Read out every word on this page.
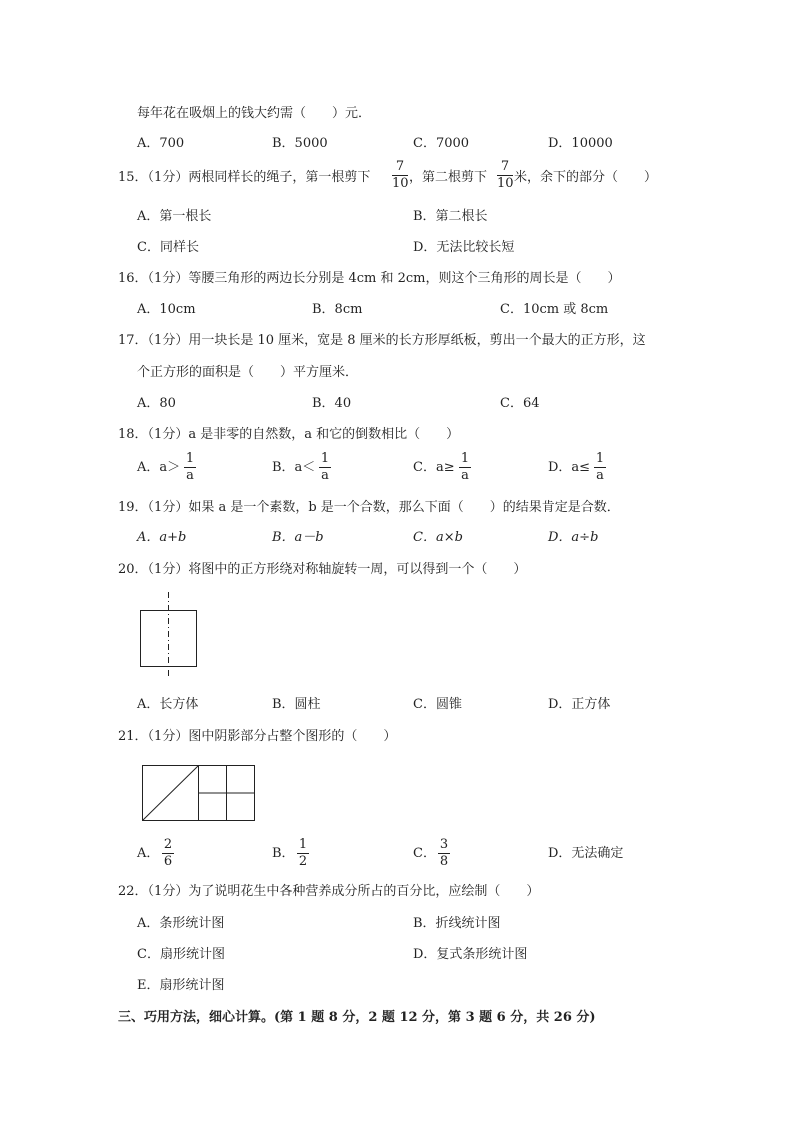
每年花在吸烟上的钱大约需（　　）元．
A．700	B．5000	C．7000	D．10000
15．（1分）两根同样长的绳子，第一根剪下 $\frac{7}{10}$ ，第二根剪下 $\frac{7}{10}$ 米，余下的部分（　　）
A．第一根长	B．第二根长
C．同样长	D．无法比较长短
16．（1分）等腰三角形的两边长分别是 4cm 和 2cm，则这个三角形的周长是（　　）
A．10cm	B．8cm	C．10cm 或 8cm
17．（1分）用一块长是 10 厘米，宽是 8 厘米的长方形厚纸板，剪出一个最大的正方形，这
个正方形的面积是（　　）平方厘米．
A．80	B．40	C．64
18．（1分）a 是非零的自然数，a 和它的倒数相比（　　）
A．$a> \frac{1}{a}$	B．$a< \frac{1}{a}$	C．$a\ge \frac{1}{a}$	D．$a\le \frac{1}{a}$
19．（1分）如果 a 是一个素数，b 是一个合数，那么下面（　　）的结果肯定是合数．
A．a+b	B．a－b	C．a×b	D．a÷b
20．（1分）将图中的正方形绕对称轴旋转一周，可以得到一个（　　）
A．长方体	B．圆柱	C．圆锥	D．正方体
21．（1分）图中阴影部分占整个图形的（　　）
A． $\frac{2}{6}$	B． $\frac{1}{2}$	C． $\frac{3}{8}$	D．无法确定
22．（1分）为了说明花生中各种营养成分所占的百分比，应绘制（　　）
A．条形统计图	B．折线统计图
C．扇形统计图	D．复式条形统计图
E．扇形统计图
三、巧用方法，细心计算。(第 1 题 8 分，2 题 12 分，第 3 题 6 分，共 26 分)
